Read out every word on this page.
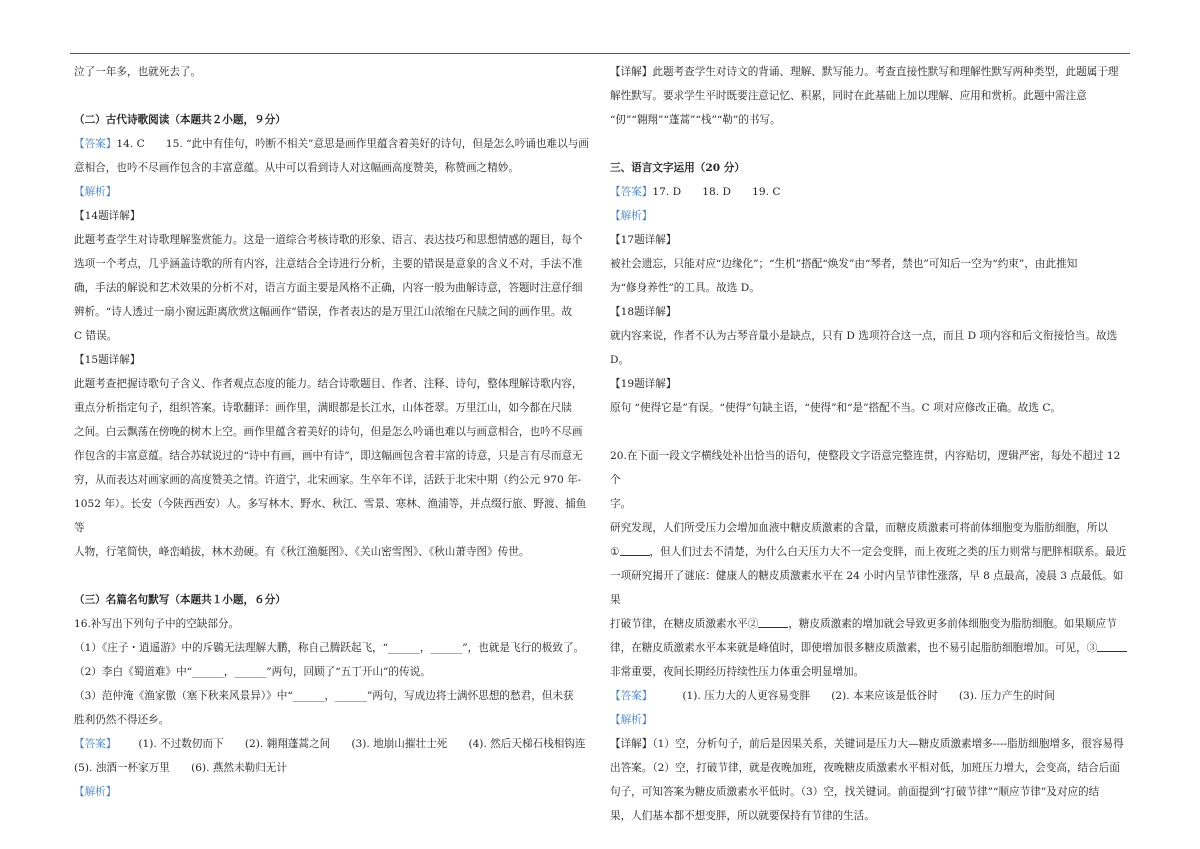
泣了一年多，也就死去了。

（二）古代诗歌阅读（本题共２小题，９分）

【答案】14. C　　15. “此中有佳句，吟断不相关”意思是画作里蕴含着美好的诗句，但是怎么吟诵也难以与画

意相合，也吟不尽画作包含的丰富意蕴。从中可以看到诗人对这幅画高度赞美，称赞画之精妙。

【解析】

【14题详解】

此题考查学生对诗歌理解鉴赏能力。这是一道综合考核诗歌的形象、语言、表达技巧和思想情感的题目，每个

选项一个考点，几乎涵盖诗歌的所有内容，注意结合全诗进行分析，主要的错误是意象的含义不对，手法不准

确，手法的解说和艺术效果的分析不对，语言方面主要是风格不正确，内容一般为曲解诗意，答题时注意仔细

辨析。“诗人透过一扇小窗远距离欣赏这幅画作”错误，作者表达的是万里江山浓缩在尺牍之间的画作里。故

C 错误。

【15题详解】

此题考查把握诗歌句子含义、作者观点态度的能力。结合诗歌题目、作者、注释、诗句，整体理解诗歌内容，

重点分析指定句子，组织答案。诗歌翻译：画作里，满眼都是长江水，山体苍翠。万里江山，如今都在尺牍

之间。白云飘荡在傍晚的树木上空。画作里蕴含着美好的诗句，但是怎么吟诵也难以与画意相合，也吟不尽画

作包含的丰富意蕴。结合苏轼说过的“诗中有画，画中有诗”，即这幅画包含着丰富的诗意，只是言有尽而意无

穷，从而表达对画家画的高度赞美之情。许道宁，北宋画家。生卒年不详，活跃于北宋中期（约公元 970 年-

1052 年）。长安（今陕西西安）人。多写林木、野水、秋江、雪景、寒林、渔浦等，并点缀行旅、野渡、捕鱼等

人物，行笔简快，峰峦峭拔，林木劲硬。有《秋江渔艇图》、《关山密雪图》、《秋山萧寺图》传世。

（三）名篇名句默写（本题共１小题，６分）

16.补写出下列句子中的空缺部分。

（1）《庄子・逍遥游》中的斥鷃无法理解大鹏，称自己腾跃起飞，“______，______”，也就是飞行的极致了。

（2）李白《蜀道难》中“______，______”两句，回顾了“五丁开山”的传说。

（3）范仲淹《渔家傲（塞下秋来风景异）》中“______，______”两句，写成边将士满怀思想的愁君，但未获

胜利仍然不得还乡。

【答案】 (1). 不过数仞而下　　(2). 翱翔蓬蒿之间　　(3). 地崩山摧壮士死　　(4). 然后天梯石栈相钩连

(5). 浊酒一杯家万里　　(6). 燕然未勒归无计

【解析】

【详解】此题考查学生对诗文的背诵、理解、默写能力。考查直接性默写和理解性默写两种类型，此题属于理

解性默写。要求学生平时既要注意记忆、积累，同时在此基础上加以理解、应用和赏析。此题中需注意

“仞”“翱翔”“蓬蒿”“栈”“勒”的书写。

三、语言文字运用（20 分）

【答案】17. D　　18. D　　19. C

【解析】

【17题详解】

被社会遗忘，只能对应“边缘化”；“生机”搭配“焕发”由“琴者，禁也”可知后一空为“约束”，由此推知

为“修身养性”的工具。故选 D。

【18题详解】

就内容来说，作者不认为古琴音量小是缺点，只有 D 选项符合这一点，而且 D 项内容和后文衔接恰当。故选

D。

【19题详解】

原句 “使得它是”有误。“使得”句缺主语，“使得”和“是”搭配不当。C 项对应修改正确。故选 C。

20.在下面一段文字横线处补出恰当的语句，使整段文字语意完整连贯，内容贴切，逻辑严密，每处不超过 12 个

字。

研究发现，人们所受压力会增加血液中糖皮质激素的含量，而糖皮质激素可将前体细胞变为脂肪细胞，所以

①	，但人们过去不清楚，为什么白天压力大不一定会变胖，而上夜班之类的压力则常与肥胖相联系。最近

一项研究揭开了谜底：健康人的糖皮质激素水平在 24 小时内呈节律性涨落，早 8 点最高，凌晨 3 点最低。如果

打破节律，在糖皮质激素水平②	，糖皮质激素的增加就会导致更多前体细胞变为脂肪细胞。如果顺应节

律，在糖皮质激素水平本来就是峰值时，即使增加很多糖皮质激素，也不易引起脂肪细胞增加。可见，③

非常重要，夜间长期经历持续性压力体重会明显增加。

【答案】	(1). 压力大的人更容易变胖　　(2). 本来应该是低谷时　　(3). 压力产生的时间

【解析】

【详解】（1）空，分析句子，前后是因果关系，关键词是压力大—糖皮质激素增多----脂肪细胞增多，很容易得

出答案。（2）空，打破节律，就是夜晚加班，夜晚糖皮质激素水平相对低，加班压力增大，会变高，结合后面

句子，可知答案为糖皮质激素水平低时。（3）空，找关键词。前面提到“打破节律”“顺应节律”及对应的结

果，人们基本都不想变胖，所以就要保持有节律的生活。
